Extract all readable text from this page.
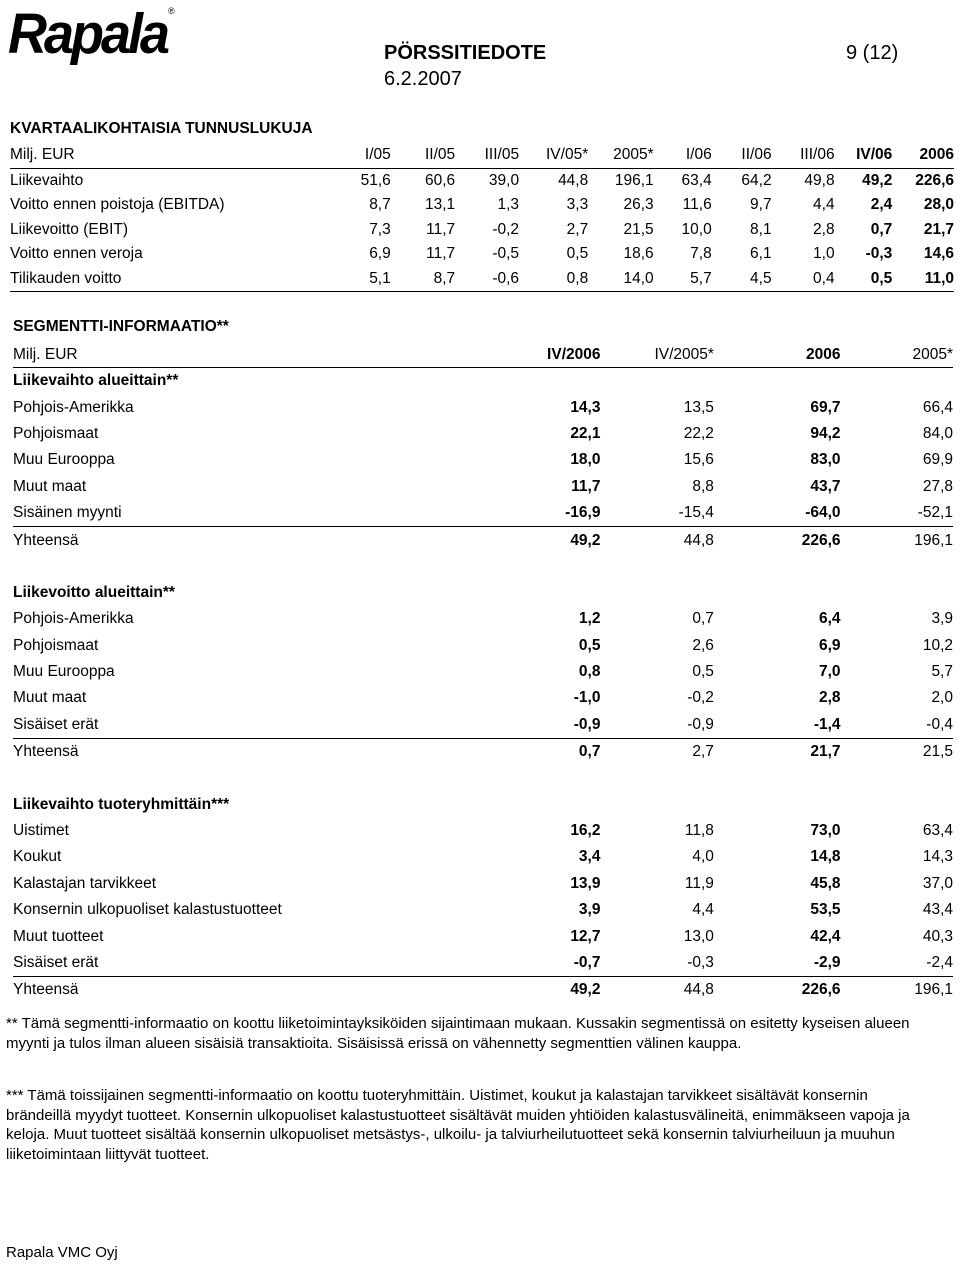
Rapala ®
PÖRSSITIEDOTE	9 (12)
6.2.2007
KVARTAALIKOHTAISIA TUNNUSLUKUJA
Milj. EUR	I/05	II/05	III/05	IV/05*	2005*	I/06	II/06	III/06	IV/06	2006
Liikevaihto	51,6	60,6	39,0	44,8	196,1	63,4	64,2	49,8	49,2	226,6
Voitto ennen poistoja (EBITDA)	8,7	13,1	1,3	3,3	26,3	11,6	9,7	4,4	2,4	28,0
Liikevoitto (EBIT)	7,3	11,7	-0,2	2,7	21,5	10,0	8,1	2,8	0,7	21,7
Voitto ennen veroja	6,9	11,7	-0,5	0,5	18,6	7,8	6,1	1,0	-0,3	14,6
Tilikauden voitto	5,1	8,7	-0,6	0,8	14,0	5,7	4,5	0,4	0,5	11,0
SEGMENTTI-INFORMAATIO**
Milj. EUR	IV/2006	IV/2005*	2006	2005*
Liikevaihto alueittain**				
Pohjois-Amerikka	14,3	13,5	69,7	66,4
Pohjoismaat	22,1	22,2	94,2	84,0
Muu Eurooppa	18,0	15,6	83,0	69,9
Muut maat	11,7	8,8	43,7	27,8
Sisäinen myynti	-16,9	-15,4	-64,0	-52,1
Yhteensä	49,2	44,8	226,6	196,1

Liikevoitto alueittain**				
Pohjois-Amerikka	1,2	0,7	6,4	3,9
Pohjoismaat	0,5	2,6	6,9	10,2
Muu Eurooppa	0,8	0,5	7,0	5,7
Muut maat	-1,0	-0,2	2,8	2,0
Sisäiset erät	-0,9	-0,9	-1,4	-0,4
Yhteensä	0,7	2,7	21,7	21,5

Liikevaihto tuoteryhmittäin***				
Uistimet	16,2	11,8	73,0	63,4
Koukut	3,4	4,0	14,8	14,3
Kalastajan tarvikkeet	13,9	11,9	45,8	37,0
Konsernin ulkopuoliset kalastustuotteet	3,9	4,4	53,5	43,4
Muut tuotteet	12,7	13,0	42,4	40,3
Sisäiset erät	-0,7	-0,3	-2,9	-2,4
Yhteensä	49,2	44,8	226,6	196,1
** Tämä segmentti-informaatio on koottu liiketoimintayksiköiden sijaintimaan mukaan. Kussakin segmentissä on esitetty kyseisen alueen myynti ja tulos ilman alueen sisäisiä transaktioita. Sisäisissä erissä on vähennetty segmenttien välinen kauppa.
*** Tämä toissijainen segmentti-informaatio on koottu tuoteryhmittäin. Uistimet, koukut ja kalastajan tarvikkeet sisältävät konsernin brändeillä myydyt tuotteet. Konsernin ulkopuoliset kalastustuotteet sisältävät muiden yhtiöiden kalastusvälineitä, enimmäkseen vapoja ja keloja. Muut tuotteet sisältää konsernin ulkopuoliset metsästys-, ulkoilu- ja talviurheilutuotteet sekä konsernin talviurheiluun ja muuhun liiketoimintaan liittyvät tuotteet.
Rapala VMC Oyj
